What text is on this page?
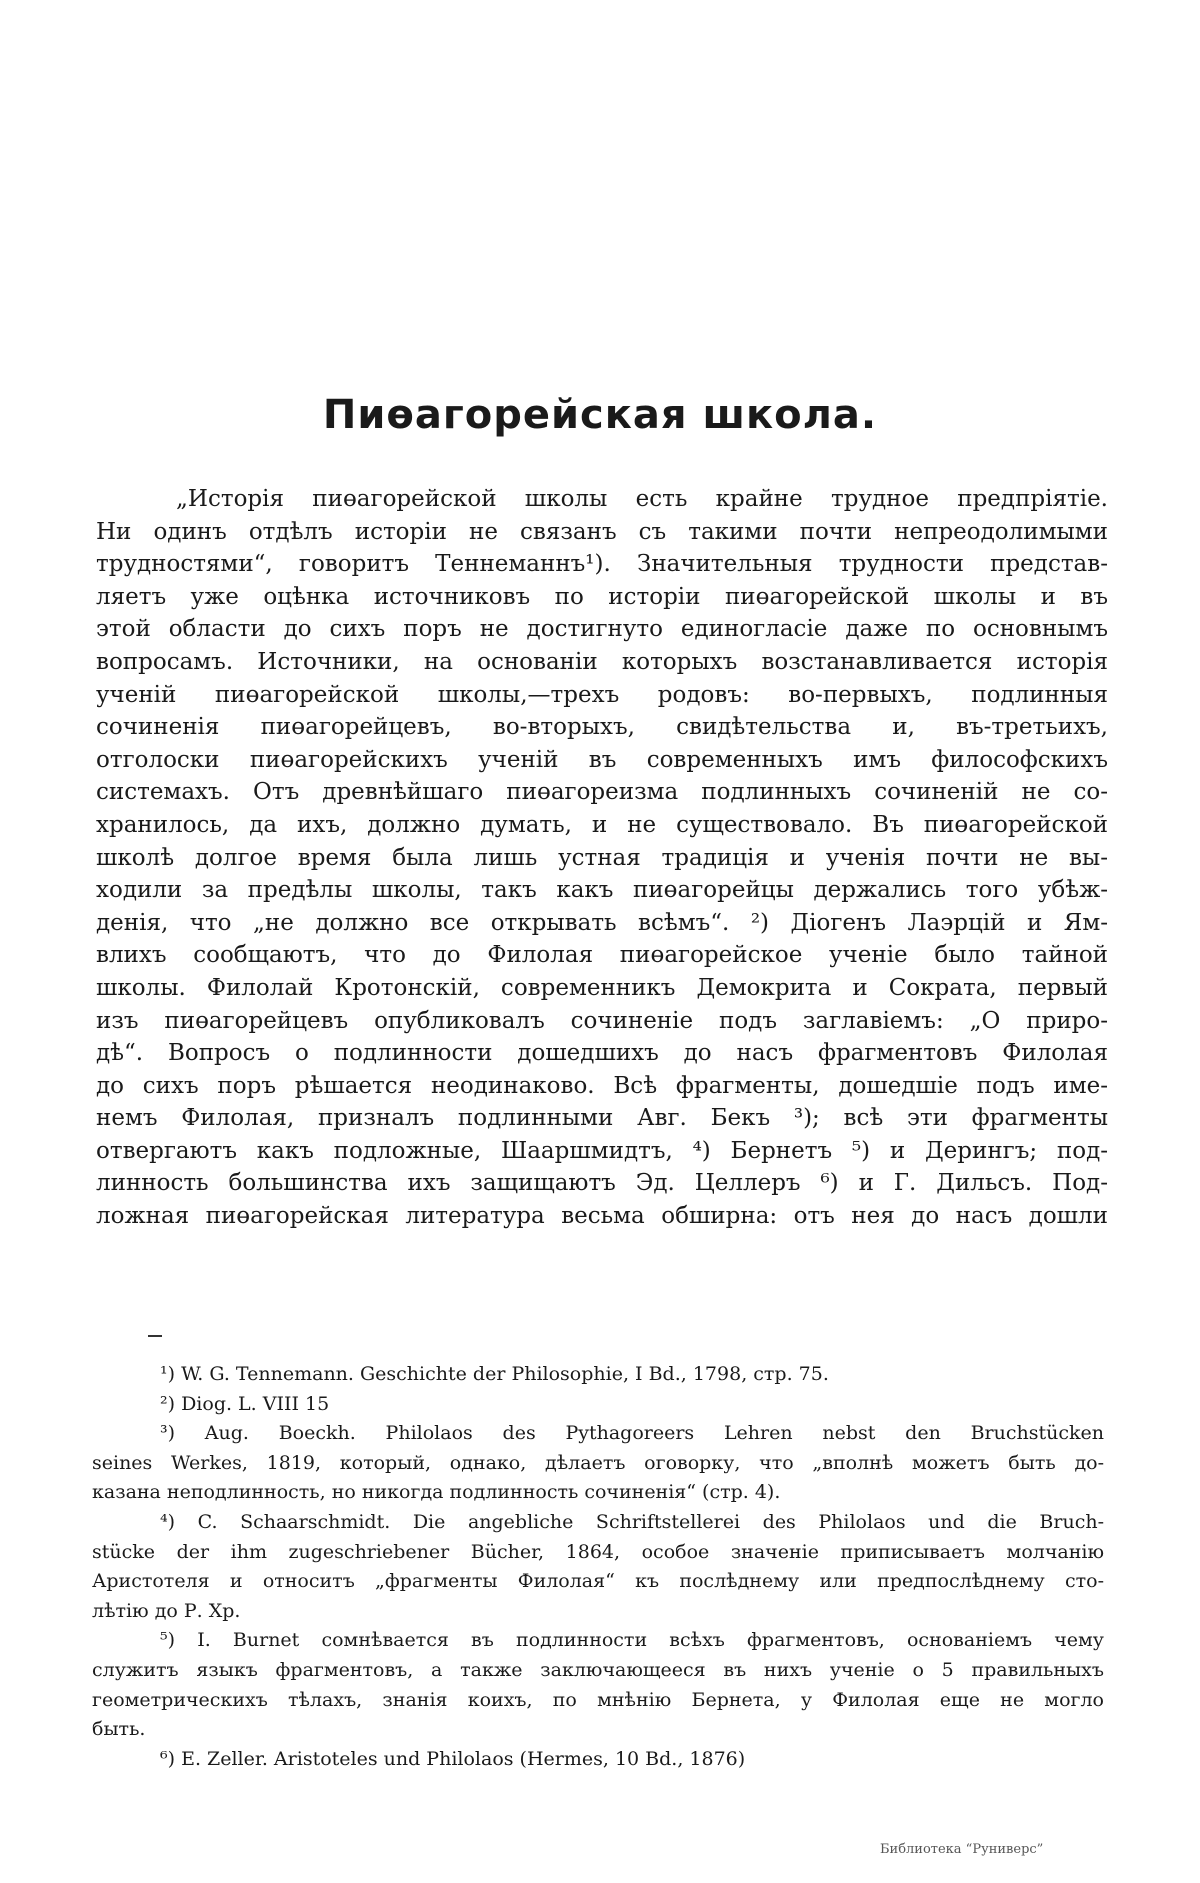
Пиөагорейская школа.
„Исторія пиөагорейской школы есть крайне трудное предпріятіе.
Ни одинъ отдѣлъ исторіи не связанъ съ такими почти непреодолимыми
трудностями“, говоритъ Теннеманнъ¹). Значительныя трудности представ-
ляетъ уже оцѣнка источниковъ по исторіи пиөагорейской школы и въ
этой области до сихъ поръ не достигнуто единогласіе даже по основнымъ
вопросамъ. Источники, на основаніи которыхъ возстанавливается исторія
ученій пиөагорейской школы,—трехъ родовъ: во-первыхъ, подлинныя
сочиненія пиөагорейцевъ, во-вторыхъ, свидѣтельства и, въ-третьихъ,
отголоски пиөагорейскихъ ученій въ современныхъ имъ философскихъ
системахъ. Отъ древнѣйшаго пиөагореизма подлинныхъ сочиненій не со-
хранилось, да ихъ, должно думать, и не существовало. Въ пиөагорейской
школѣ долгое время была лишь устная традиція и ученія почти не вы-
ходили за предѣлы школы, такъ какъ пиөагорейцы держались того убѣж-
денія, что „не должно все открывать всѣмъ“. ²) Діогенъ Лаэрцій и Ям-
влихъ сообщаютъ, что до Филолая пиөагорейское ученіе было тайной
школы. Филолай Кротонскій, современникъ Демокрита и Сократа, первый
изъ пиөагорейцевъ опубликовалъ сочиненіе подъ заглавіемъ: „О приро-
дѣ“. Вопросъ о подлинности дошедшихъ до насъ фрагментовъ Филолая
до сихъ поръ рѣшается неодинаково. Всѣ фрагменты, дошедшіе подъ име-
немъ Филолая, призналъ подлинными Авг. Бекъ ³); всѣ эти фрагменты
отвергаютъ какъ подложные, Шааршмидтъ, ⁴) Бернетъ ⁵) и Дерингъ; под-
линность большинства ихъ защищаютъ Эд. Целлеръ ⁶) и Г. Дильсъ. Под-
ложная пиөагорейская литература весьма обширна: отъ нея до насъ дошли
¹) W. G. Tennemann. Geschichte der Philosophie, I Bd., 1798, стр. 75.
²) Diog. L. VIII 15
³) Aug. Boeckh. Philolaos des Pythagoreers Lehren nebst den Bruchstücken
seines Werkes, 1819, который, однако, дѣлаетъ оговорку, что „вполнѣ можетъ быть до-
казана неподлинность, но никогда подлинность сочиненія“ (стр. 4).
⁴) C. Schaarschmidt. Die angebliche Schriftstellerei des Philolaos und die Bruch-
stücke der ihm zugeschriebener Bücher, 1864, особое значеніе приписываетъ молчанію
Аристотеля и относитъ „фрагменты Филолая“ къ послѣднему или предпослѣднему сто-
лѣтію до Р. Хр.
⁵) I. Burnet сомнѣвается въ подлинности всѣхъ фрагментовъ, основаніемъ чему
служитъ языкъ фрагментовъ, а также заключающееся въ нихъ ученіе о 5 правильныхъ
геометрическихъ тѣлахъ, знанія коихъ, по мнѣнію Бернета, у Филолая еще не могло
быть.
⁶) E. Zeller. Aristoteles und Philolaos (Hermes, 10 Bd., 1876)
Библиотека “Руниверс”
